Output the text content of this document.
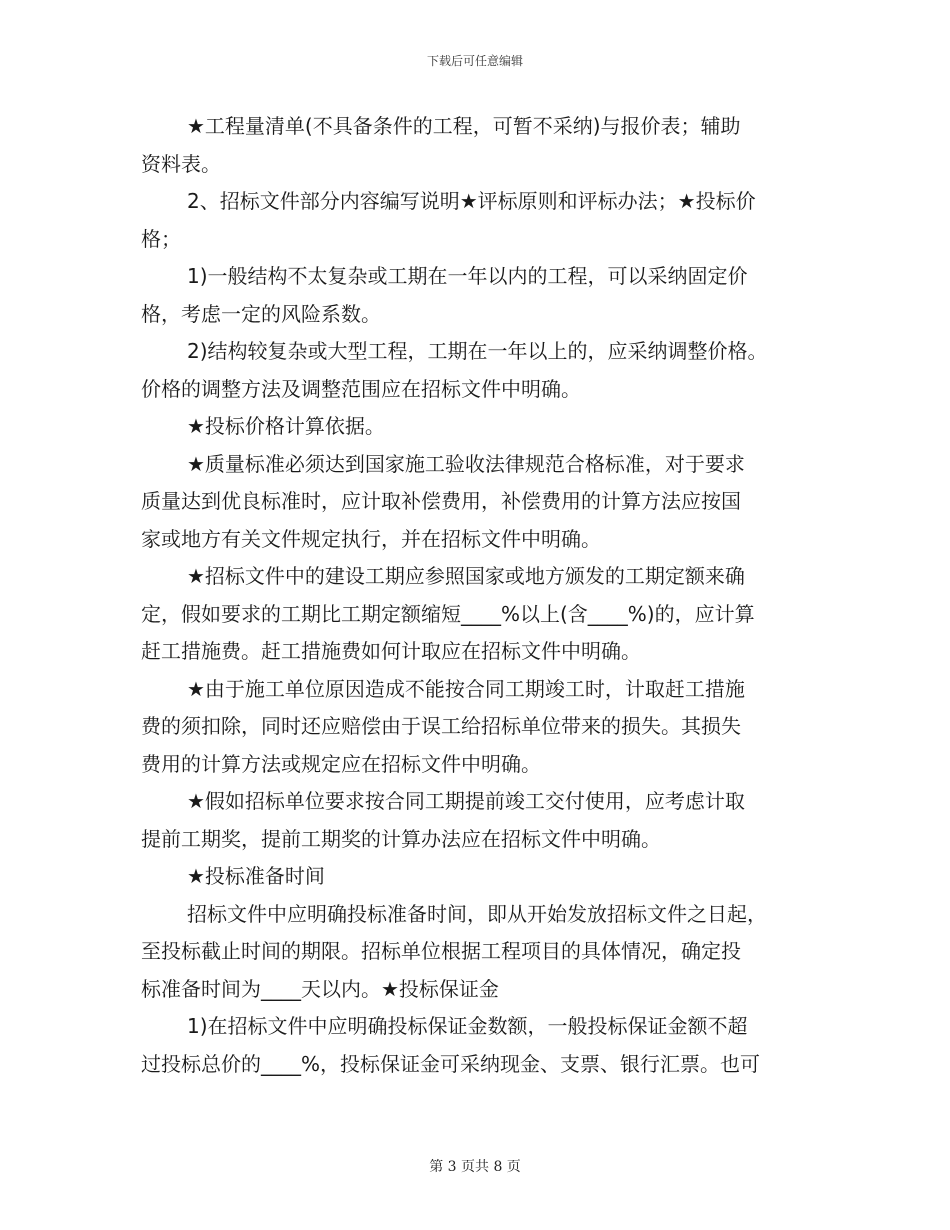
下载后可任意编辑
★工程量清单(不具备条件的工程，可暂不采纳)与报价表；辅助
资料表。
2、招标文件部分内容编写说明★评标原则和评标办法；★投标价
格；
1)一般结构不太复杂或工期在一年以内的工程，可以采纳固定价
格，考虑一定的风险系数。
2)结构较复杂或大型工程，工期在一年以上的，应采纳调整价格。
价格的调整方法及调整范围应在招标文件中明确。
★投标价格计算依据。
★质量标准必须达到国家施工验收法律规范合格标准，对于要求
质量达到优良标准时，应计取补偿费用，补偿费用的计算方法应按国
家或地方有关文件规定执行，并在招标文件中明确。
★招标文件中的建设工期应参照国家或地方颁发的工期定额来确
定，假如要求的工期比工期定额缩短____%以上(含____%)的，应计算
赶工措施费。赶工措施费如何计取应在招标文件中明确。
★由于施工单位原因造成不能按合同工期竣工时，计取赶工措施
费的须扣除，同时还应赔偿由于误工给招标单位带来的损失。其损失
费用的计算方法或规定应在招标文件中明确。
★假如招标单位要求按合同工期提前竣工交付使用，应考虑计取
提前工期奖，提前工期奖的计算办法应在招标文件中明确。
★投标准备时间
招标文件中应明确投标准备时间，即从开始发放招标文件之日起，
至投标截止时间的期限。招标单位根据工程项目的具体情况，确定投
标准备时间为____天以内。★投标保证金
1)在招标文件中应明确投标保证金数额，一般投标保证金额不超
过投标总价的____%，投标保证金可采纳现金、支票、银行汇票。也可
第 3 页共 8 页
